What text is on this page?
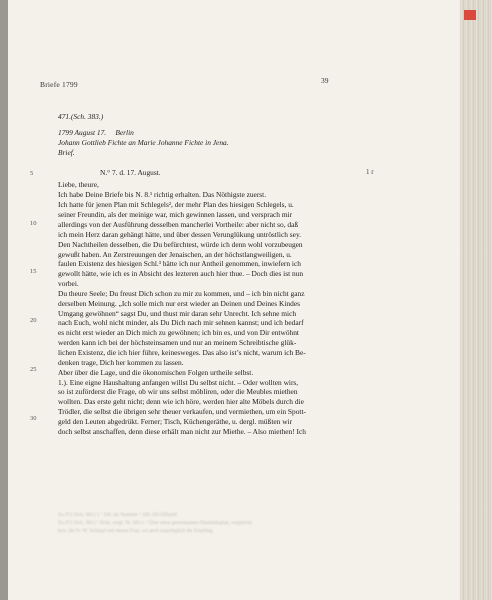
Briefe 1799	39
471.(Sch. 383.)
1799 August 17.     Berlin
Johann Gottlieb Fichte an Marie Johanne Fichte in Jena.
Brief.
1 r
5
10
15
20
25
30
N.° 7. d. 17. August.
Liebe, theure,
Ich habe Deine Briefe bis N. 8.¹ richtig erhalten. Das Nöthigste zuerst.
Ich hatte für jenen Plan mit Schlegels², der mehr Plan des hiesigen Schlegels, u.
seiner Freundin, als der meinige war, mich gewinnen lassen, und versprach mir
allerdings von der Ausführung desselben mancherlei Vortheile: aber nicht so, daß
ich mein Herz daran gehängt hätte, und über dessen Verunglükung untröstlich sey.
Den Nachtheilen desselben, die Du befürchtest, würde ich denn wohl vorzubeugen
gewußt haben. An Zerstreuungen der Jenaischen, an der höchstlangweiligen, u.
faulen Existenz des hiesigen Schl.³ hätte ich nur Antheil genommen, inwiefern ich
gewollt hätte, wie ich es in Absicht des lezteren auch hier thue. – Doch dies ist nun
vorbei.
Du theure Seele; Du freust Dich schon zu mir zu kommen, und – ich bin nicht ganz
derselben Meinung. „Ich solle mich nur erst wieder an Deinen und Deines Kindes
Umgang gewöhnen“ sagst Du, und thust mir daran sehr Unrecht. Ich sehne mich
nach Euch, wohl nicht minder, als Du Dich nach mir sehnen kannst; und ich bedarf
es nicht erst wieder an Dich mich zu gewöhnen; ich bin es, und von Dir entwöhnt
werden kann ich bei der höchsteinsamen und nur an meinem Schreibtische glük-
lichen Existenz, die ich hier führe, keinesweges. Das also ist’s nicht, warum ich Be-
denken trage, Dich her kommen zu lassen.
Aber über die Lage, und die ökonomischen Folgen urtheile selbst.
1.). Eine eigne Haushaltung anfangen willst Du selbst nicht. – Oder wollten wirs,
so ist zuförderst die Frage, ob wir uns selbst möbliren, oder die Meubles miethen
wollten. Das erste geht nicht; denn wie ich höre, werden hier alte Möbels durch die
Trödler, die selbst die übrigen sehr theuer verkaufen, und vermiethen, um ein Spott-
geld den Leuten abgedrükt. Ferner; Tisch, Küchengeräthe, u. dergl. müßten wir
doch selbst anschaffen, denn diese erhält man nicht zur Miethe. – Also miethen! Ich
Zu 471 (Sch. 383.) 1 ¹ 100. als Nummer ² 100. (H) Offiziell
Zu 471 (Sch. 383.) ¹ Sichr, vergl. Nr. 465 v. ² Über seine gemeinsamen Haushaltsplan, vergleiche
bzw. die Fr. W. Schlegel mit dessen Frau, wo auch ursprünglich die Schelling
